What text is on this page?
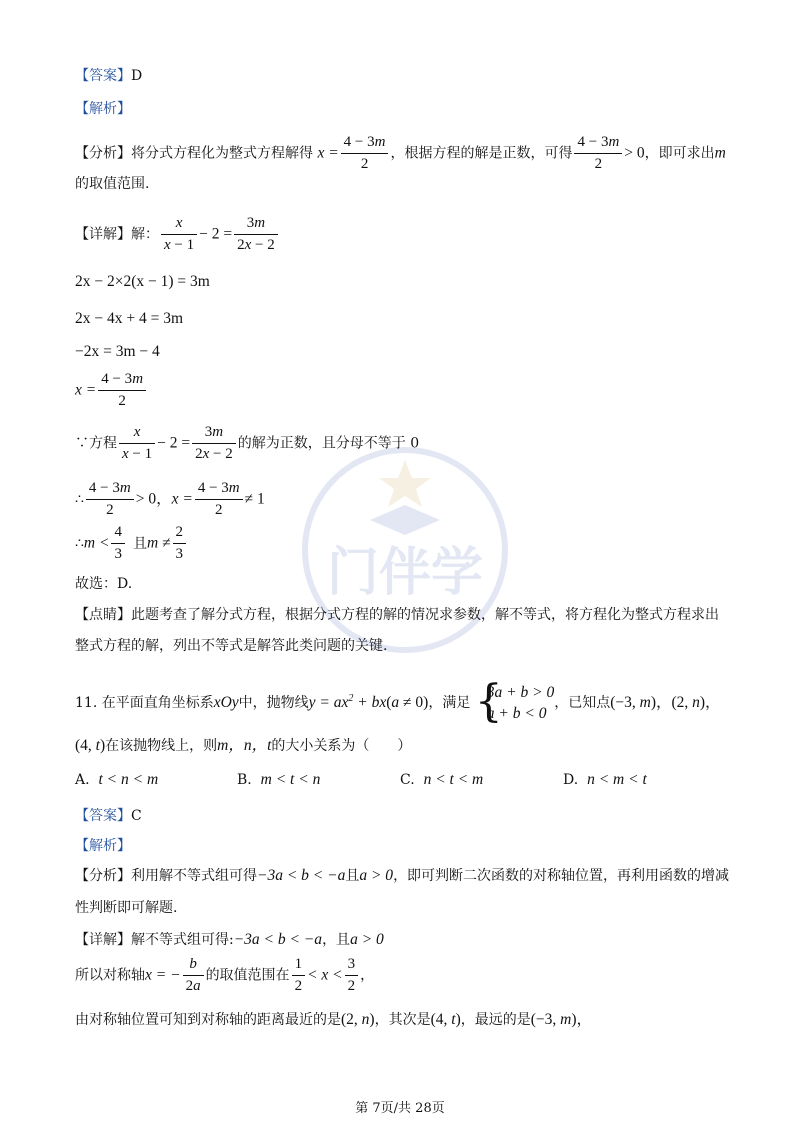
门伴学
【答案】D
【解析】
【分析】将分式方程化为整式方程解得 $x = \frac{4 - 3m}{2}$ ，根据方程的解是正数，可得 $\frac{4 - 3m}{2} > 0$，即可求出m
的取值范围.
【详解】解： $\frac{x}{x - 1} - 2 = \frac{3m}{2x - 2}$
2x − 2×2(x − 1) = 3m
2x − 4x + 4 = 3m
−2x = 3m − 4
$x = \frac{4 - 3m}{2}$
∵方程 $\frac{x}{x - 1} - 2 = \frac{3m}{2x - 2}$ 的解为正数，且分母不等于 0
∴ $\frac{4 - 3m}{2} > 0$，$x = \frac{4 - 3m}{2} \ne 1$
∴m < $\frac{4}{3}$ 且$m \ne \frac{2}{3}$
故选：D.
【点睛】此题考查了解分式方程，根据分式方程的解的情况求参数，解不等式，将方程化为整式方程求出
整式方程的解，列出不等式是解答此类问题的关键.
11. 在平面直角坐标系xOy中，抛物线$y = ax^2 + bx(a \ne 0)$，满足 {
3a + b > 0
a + b < 0
，已知点(−3, m)，(2, n)，
(4, t)在该抛物线上，则m，n，t的大小关系为（　　）
A. t < n < m	B. m < t < n	C. n < t < m	D. n < m < t
【答案】C
【解析】
【分析】利用解不等式组可得−3a < b < −a且a > 0，即可判断二次函数的对称轴位置，再利用函数的增减
性判断即可解题.
【详解】解不等式组可得:−3a < b < −a，且a > 0
所以对称轴x = − $\frac{b}{2a}$ 的取值范围在 $\frac{1}{2} < x < \frac{3}{2}$ ，
由对称轴位置可知到对称轴的距离最近的是(2, n)，其次是(4, t)，最远的是(−3, m)，
第 7页/共 28页
